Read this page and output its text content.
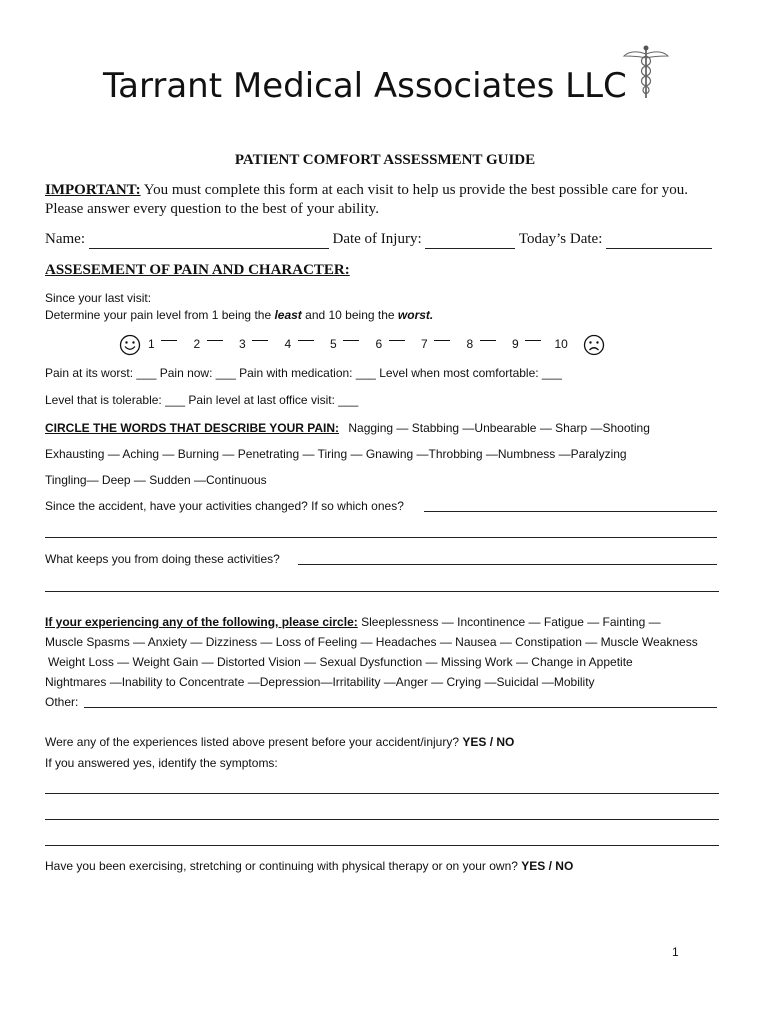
Tarrant Medical Associates LLC
PATIENT COMFORT ASSESSMENT GUIDE
IMPORTANT: You must complete this form at each visit to help us provide the best possible care for you.
Please answer every question to the best of your ability.
Name:	Date of Injury:	Today’s Date:
ASSESEMENT OF PAIN AND CHARACTER:
Since your last visit:
Determine your pain level from 1 being the least and 10 being the worst.
1	2	3	4	5	6	7	8	9	10
Pain at its worst: ___ Pain now: ___ Pain with medication: ___ Level when most comfortable: ___
Level that is tolerable: ___ Pain level at last office visit: ___
CIRCLE THE WORDS THAT DESCRIBE YOUR PAIN: Nagging — Stabbing —Unbearable — Sharp —Shooting
Exhausting — Aching — Burning — Penetrating — Tiring — Gnawing —Throbbing —Numbness —Paralyzing
Tingling— Deep — Sudden —Continuous
Since the accident, have your activities changed? If so which ones?
What keeps you from doing these activities?
If your experiencing any of the following, please circle: Sleeplessness — Incontinence — Fatigue — Fainting —
Muscle Spasms — Anxiety — Dizziness — Loss of Feeling — Headaches — Nausea — Constipation — Muscle Weakness
Weight Loss — Weight Gain — Distorted Vision — Sexual Dysfunction — Missing Work — Change in Appetite
Nightmares —Inability to Concentrate —Depression—Irritability —Anger — Crying —Suicidal —Mobility
Other:
Were any of the experiences listed above present before your accident/injury? YES / NO
If you answered yes, identify the symptoms:
Have you been exercising, stretching or continuing with physical therapy or on your own? YES / NO
1
